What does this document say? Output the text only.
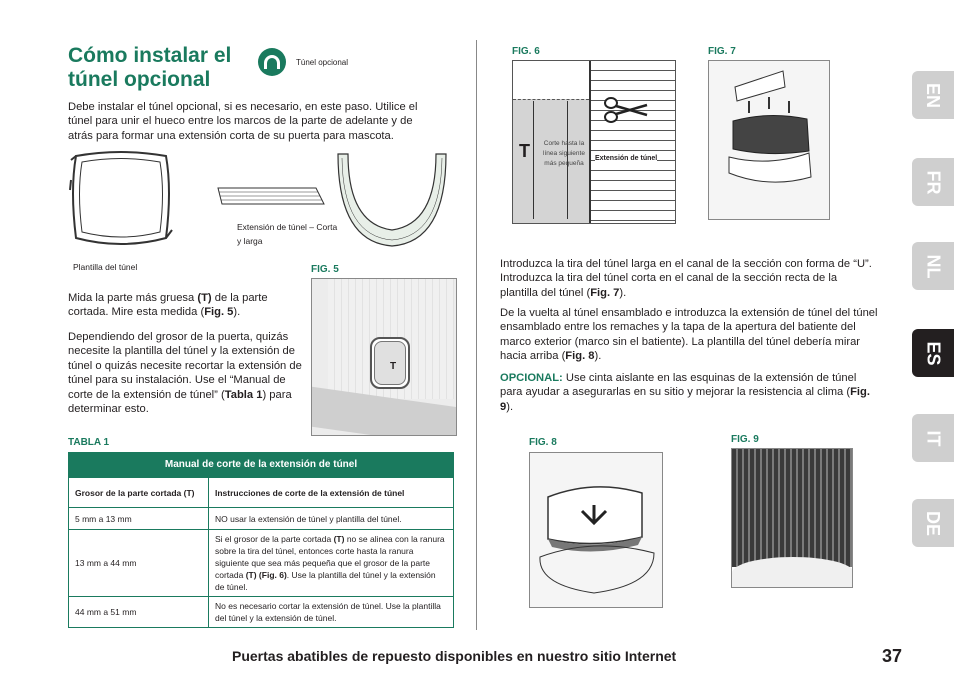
Cómo instalar el túnel opcional
Túnel opcional
Debe instalar el túnel opcional, si es necesario, en este paso. Utilice el túnel para unir el hueco entre los marcos de la parte de adelante y de atrás para formar una extensión corta de su puerta para mascota.
Plantilla del túnel
Extensión de túnel – Corta y larga
FIG. 5
T
Mida la parte más gruesa (T) de la parte cortada. Mire esta medida (Fig. 5).
Dependiendo del grosor de la puerta, quizás necesite la plantilla del túnel y la extensión de túnel o quizás necesite recortar la extensión de túnel para su instalación. Use el “Manual de corte de la extensión de túnel” (Tabla 1) para determinar esto.
TABLA 1
Manual de corte de la extensión de túnel	
Grosor de la parte cortada (T)	Instrucciones de corte de la extensión de túnel
5 mm a 13 mm	NO usar la extensión de túnel y plantilla del túnel.
13 mm a 44 mm	Si el grosor de la parte cortada (T) no se alinea con la ranura sobre la tira del túnel, entonces corte hasta la ranura siguiente que sea más pequeña que el grosor de la parte cortada (T) (Fig. 6). Use la plantilla del túnel y la extensión de túnel.
44 mm a 51 mm	No es necesario cortar la extensión de túnel. Use la plantilla del túnel y la extensión de túnel.
FIG. 6
T	Corte hasta la línea siguiente más pequeña
Extensión de túnel
FIG. 7
Introduzca la tira del túnel larga en el canal de la sección con forma de “U”. Introduzca la tira del túnel corta en el canal de la sección recta de la plantilla del túnel (Fig. 7).
De la vuelta al túnel ensamblado e introduzca la extensión de túnel del túnel ensamblado entre los remaches y la tapa de la apertura del batiente del marco exterior (marco sin el batiente). La plantilla del túnel debería mirar hacia arriba (Fig. 8).
OPCIONAL: Use cinta aislante en las esquinas de la extensión de túnel para ayudar a asegurarlas en su sitio y mejorar la resistencia al clima (Fig. 9).
FIG. 8	FIG. 9
EN
FR
NL
ES
IT
DE
Puertas abatibles de repuesto disponibles en nuestro sitio Internet	37
